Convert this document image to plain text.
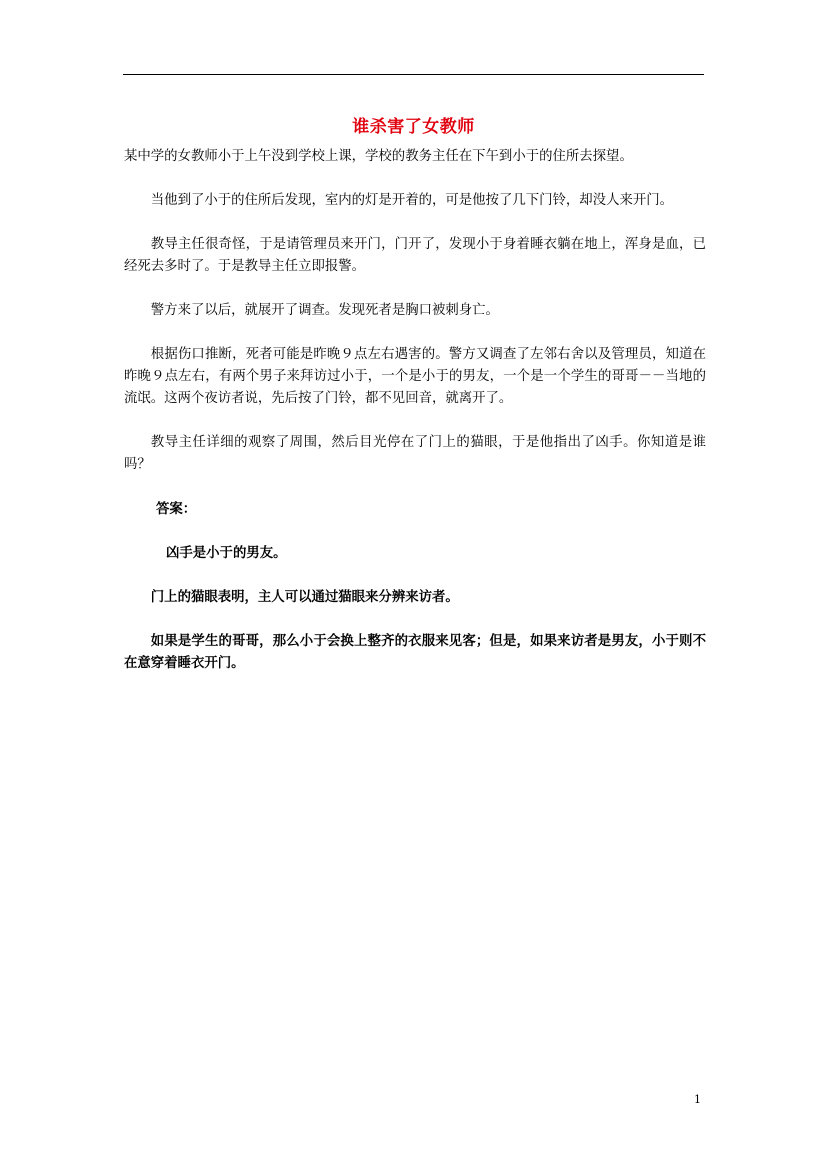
谁杀害了女教师

某中学的女教师小于上午没到学校上课，学校的教务主任在下午到小于的住所去探望。

当他到了小于的住所后发现，室内的灯是开着的，可是他按了几下门铃，却没人来开门。

教导主任很奇怪，于是请管理员来开门，门开了，发现小于身着睡衣躺在地上，浑身是血，已经死去多时了。于是教导主任立即报警。

警方来了以后，就展开了调查。发现死者是胸口被刺身亡。

根据伤口推断，死者可能是昨晚９点左右遇害的。警方又调查了左邻右舍以及管理员，知道在昨晚９点左右，有两个男子来拜访过小于，一个是小于的男友，一个是一个学生的哥哥－－当地的流氓。这两个夜访者说，先后按了门铃，都不见回音，就离开了。

教导主任详细的观察了周围，然后目光停在了门上的猫眼，于是他指出了凶手。你知道是谁吗？

答案：

凶手是小于的男友。

门上的猫眼表明，主人可以通过猫眼来分辨来访者。

如果是学生的哥哥，那么小于会换上整齐的衣服来见客；但是，如果来访者是男友，小于则不在意穿着睡衣开门。

1
